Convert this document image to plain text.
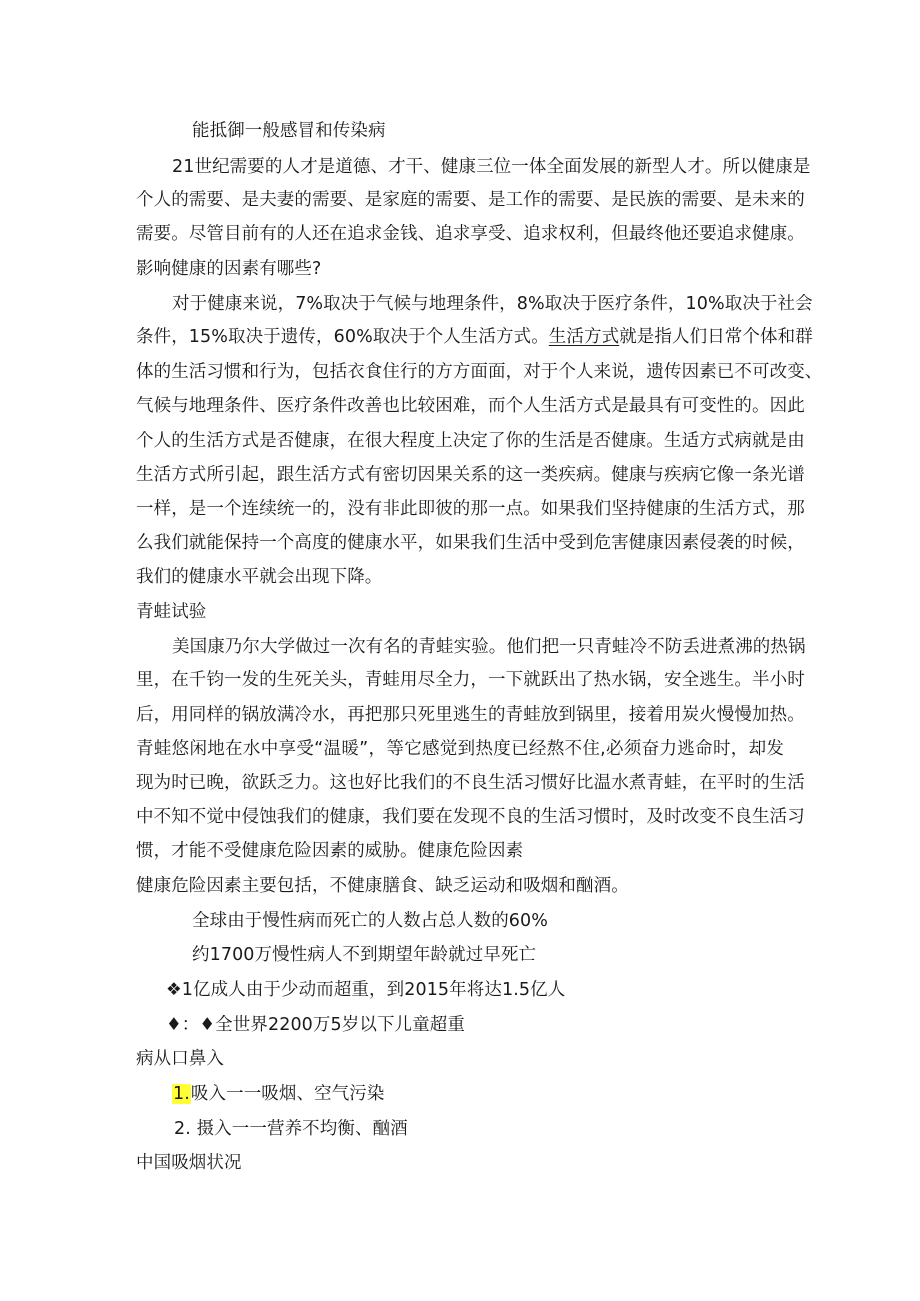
能抵御一般感冒和传染病
21世纪需要的人才是道德、才干、健康三位一体全面发展的新型人才。所以健康是
个人的需要、是夫妻的需要、是家庭的需要、是工作的需要、是民族的需要、是未来的
需要。尽管目前有的人还在追求金钱、追求享受、追求权利，但最终他还要追求健康。
影响健康的因素有哪些?
对于健康来说，7%取决于气候与地理条件，8%取决于医疗条件，10%取决于社会
条件，15%取决于遗传，60%取决于个人生活方式。生活方式就是指人们日常个体和群
体的生活习惯和行为，包括衣食住行的方方面面，对于个人来说，遗传因素已不可改变、
气候与地理条件、医疗条件改善也比较困难，而个人生活方式是最具有可变性的。因此
个人的生活方式是否健康，在很大程度上决定了你的生活是否健康。生适方式病就是由
生活方式所引起，跟生活方式有密切因果关系的这一类疾病。健康与疾病它像一条光谱
一样，是一个连续统一的，没有非此即彼的那一点。如果我们坚持健康的生活方式，那
么我们就能保持一个高度的健康水平，如果我们生活中受到危害健康因素侵袭的时候，
我们的健康水平就会出现下降。
青蛙试验
美国康乃尔大学做过一次有名的青蛙实验。他们把一只青蛙冷不防丢进煮沸的热锅
里，在千钧一发的生死关头，青蛙用尽全力，一下就跃出了热水锅，安全逃生。半小时
后，用同样的锅放满冷水，再把那只死里逃生的青蛙放到锅里，接着用炭火慢慢加热。
青蛙悠闲地在水中享受“温暖”，等它感觉到热度已经熬不住,必须奋力逃命时，却发
现为时已晚，欲跃乏力。这也好比我们的不良生活习惯好比温水煮青蛙，在平时的生活
中不知不觉中侵蚀我们的健康，我们要在发现不良的生活习惯时，及时改变不良生活习
惯，才能不受健康危险因素的威胁。健康危险因素
健康危险因素主要包括，不健康膳食、缺乏运动和吸烟和酗酒。
全球由于慢性病而死亡的人数占总人数的60%
约1700万慢性病人不到期望年龄就过早死亡
❖1亿成人由于少动而超重，到2015年将达1.5亿人
♦：♦全世界2200万5岁以下儿童超重
病从口鼻入
1.吸入一一吸烟、空气污染
2. 摄入一一营养不均衡、酗酒
中国吸烟状况
